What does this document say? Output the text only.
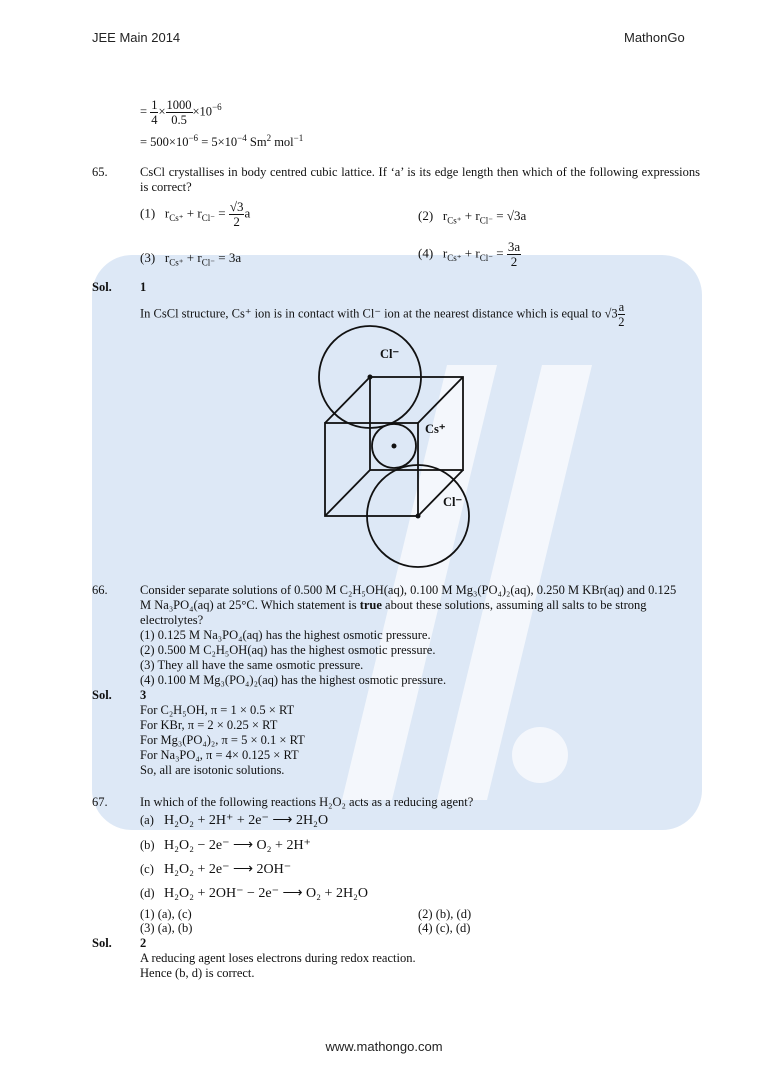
JEE Main 2014	MathonGo
= $\frac{1}{4} \times \frac{1000}{0.5} \times 10^{-6}$
= $500\times 10^{-6} = 5\times 10^{-4}$ Sm$^2$ mol$^{-1}$
65.	CsCl crystallises in body centred cubic lattice. If ‘a’ is its edge length then which of the following expressions is correct?
(1)   $r_{Cs^+} + r_{Cl^-} = \frac{√3}{2}$ a	(2)   $r_{Cs^+} + r_{Cl^-} = √3a$
(3)   $r_{Cs^+} + r_{Cl^-} = 3a$	(4)   $r_{Cs^+} + r_{Cl^-} = \frac{3a}{2}$
Sol. 1
In CsCl structure, Cs⁺ ion is in contact with Cl⁻ ion at the nearest distance which is equal to $√3 \frac{a}{2}$
Cl⁻
Cs⁺
Cl⁻
66.	Consider separate solutions of 0.500 M C₂H₅OH(aq), 0.100 M Mg₃(PO₄)₂(aq), 0.250 M KBr(aq) and 0.125
M Na₃PO₄(aq) at 25°C. Which statement is true about these solutions, assuming all salts to be strong
electrolytes?
(1) 0.125 M Na₃PO₄(aq) has the highest osmotic pressure.
(2) 0.500 M C₂H₅OH(aq) has the highest osmotic pressure.
(3) They all have the same osmotic pressure.
(4) 0.100 M Mg₃(PO₄)₂(aq) has the highest osmotic pressure.
Sol. 3
For C₂H₅OH, π = 1 × 0.5 × RT
For KBr, π = 2 × 0.25 × RT
For Mg₃(PO₄)₂, π = 5 × 0.1 × RT
For Na₃PO₄, π = 4× 0.125 × RT
So, all are isotonic solutions.
67.	In which of the following reactions H₂O₂ acts as a reducing agent?
(a) H₂O₂ + 2H⁺ + 2e⁻ ⟶ 2H₂O
(b) H₂O₂ − 2e⁻ ⟶ O₂ + 2H⁺
(c) H₂O₂ + 2e⁻ ⟶ 2OH⁻
(d) H₂O₂ + 2OH⁻ − 2e⁻ ⟶ O₂ + 2H₂O
(1) (a), (c)	(2) (b), (d)
(3) (a), (b)	(4) (c), (d)
Sol. 2
A reducing agent loses electrons during redox reaction.
Hence (b, d) is correct.
www.mathongo.com
